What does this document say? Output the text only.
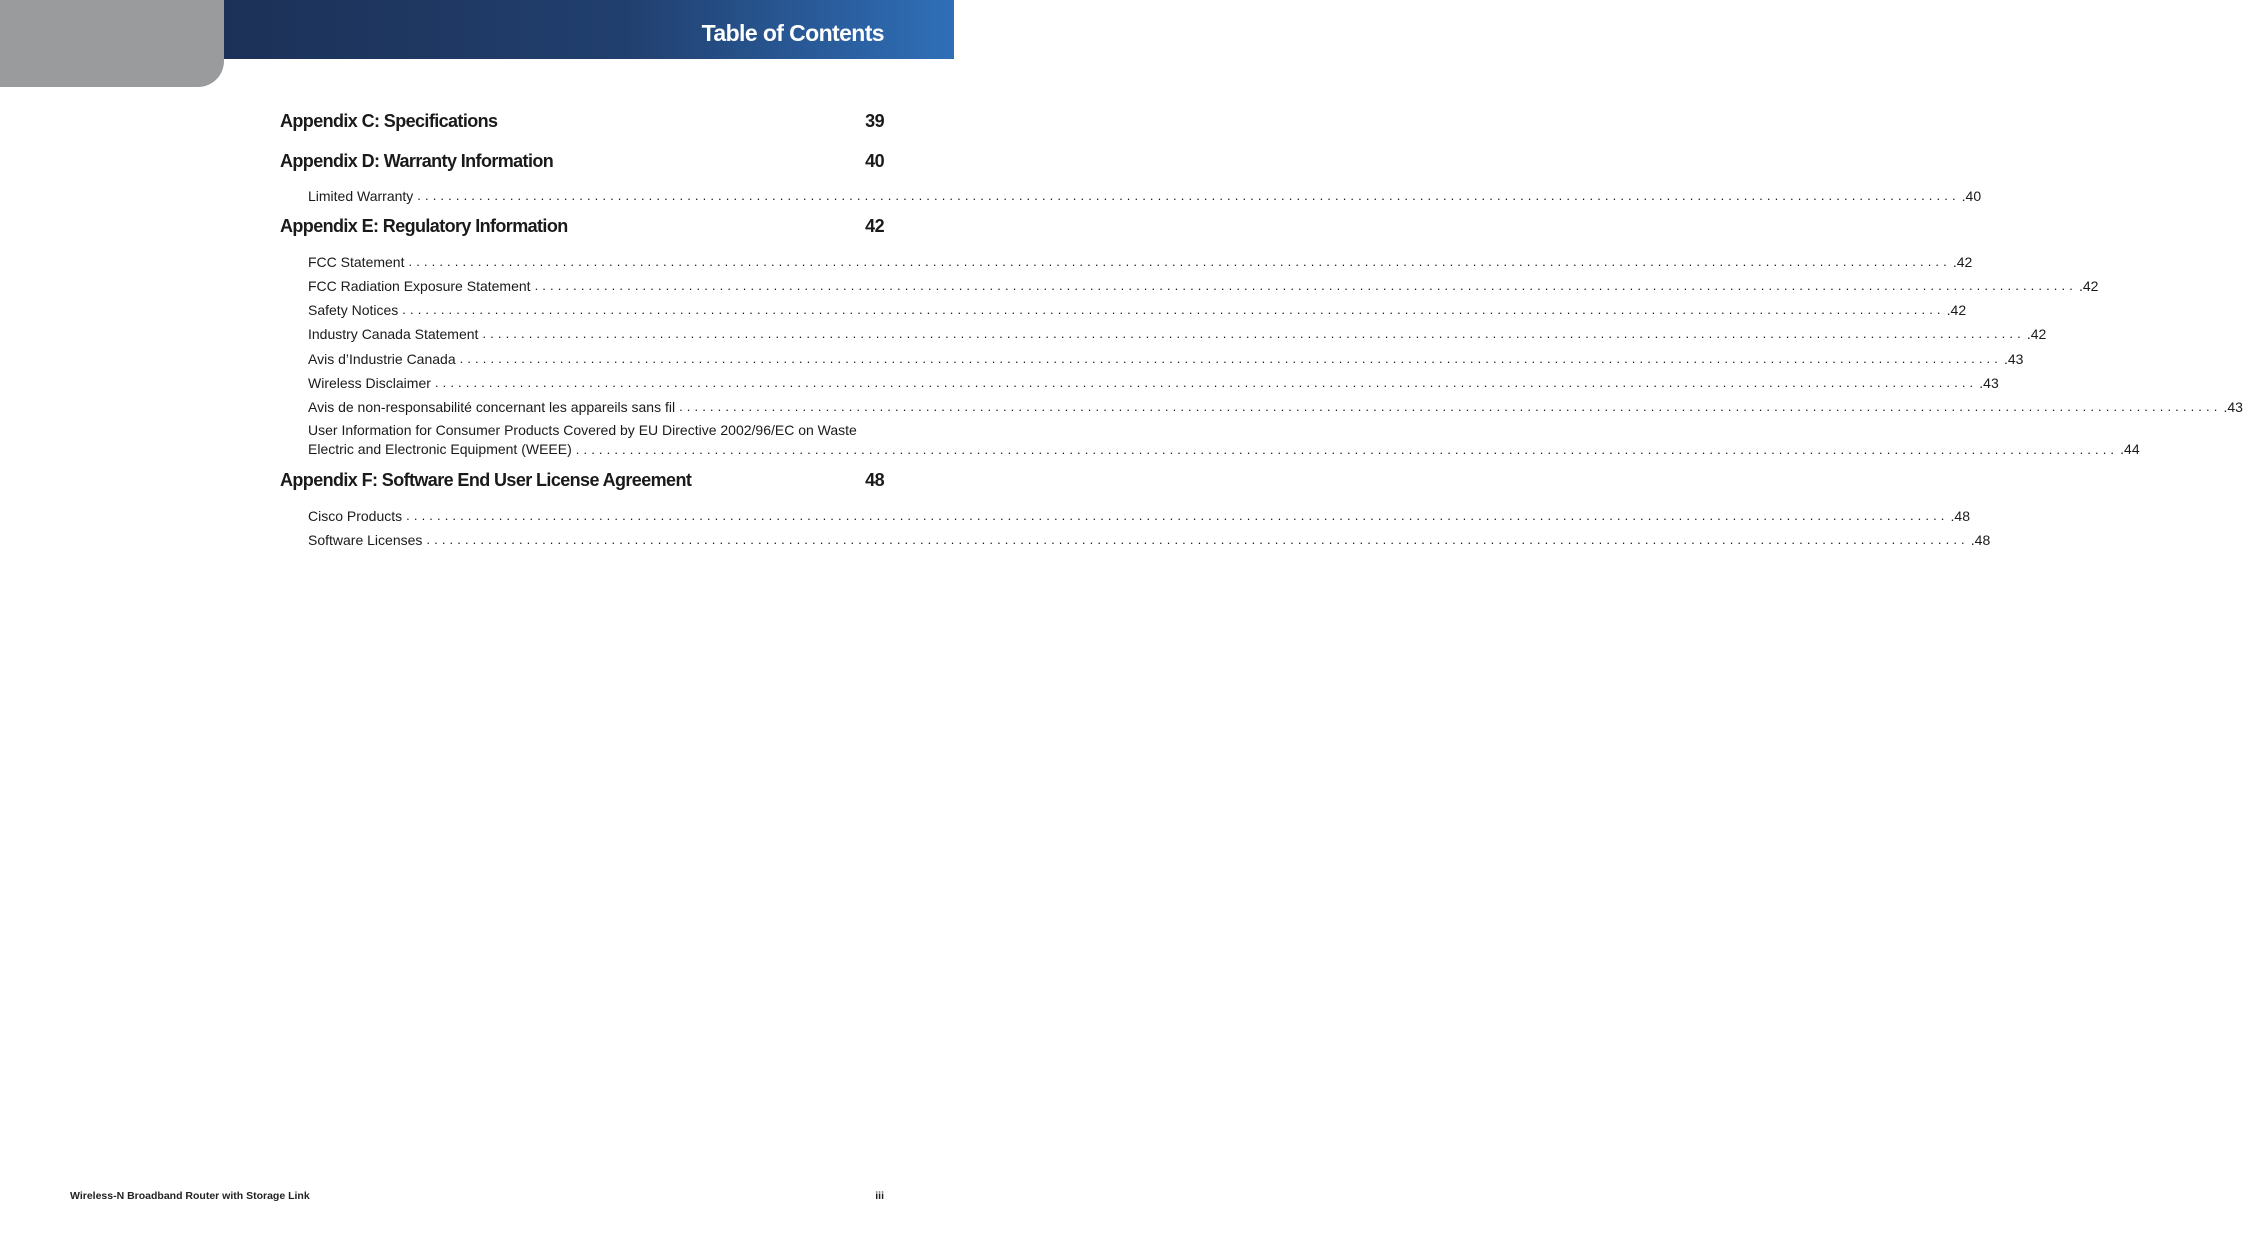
Table of Contents
Appendix C: Specifications	39
Appendix D: Warranty Information	40
Limited Warranty ........................................................................................................................................................................................................ .40
Appendix E: Regulatory Information	42
FCC Statement ........................................................................................................................................................................................................ .42
FCC Radiation Exposure Statement ........................................................................................................................................................................................................ .42
Safety Notices ........................................................................................................................................................................................................ .42
Industry Canada Statement ........................................................................................................................................................................................................ .42
Avis d’Industrie Canada ........................................................................................................................................................................................................ .43
Wireless Disclaimer ........................................................................................................................................................................................................ .43
Avis de non-responsabilité concernant les appareils sans fil ........................................................................................................................................................................................................ .43
User Information for Consumer Products Covered by EU Directive 2002/96/EC on Waste
Electric and Electronic Equipment (WEEE) ........................................................................................................................................................................................................ .44
Appendix F: Software End User License Agreement	48
Cisco Products ........................................................................................................................................................................................................ .48
Software Licenses ........................................................................................................................................................................................................ .48
Wireless-N Broadband Router with Storage Link	iii
